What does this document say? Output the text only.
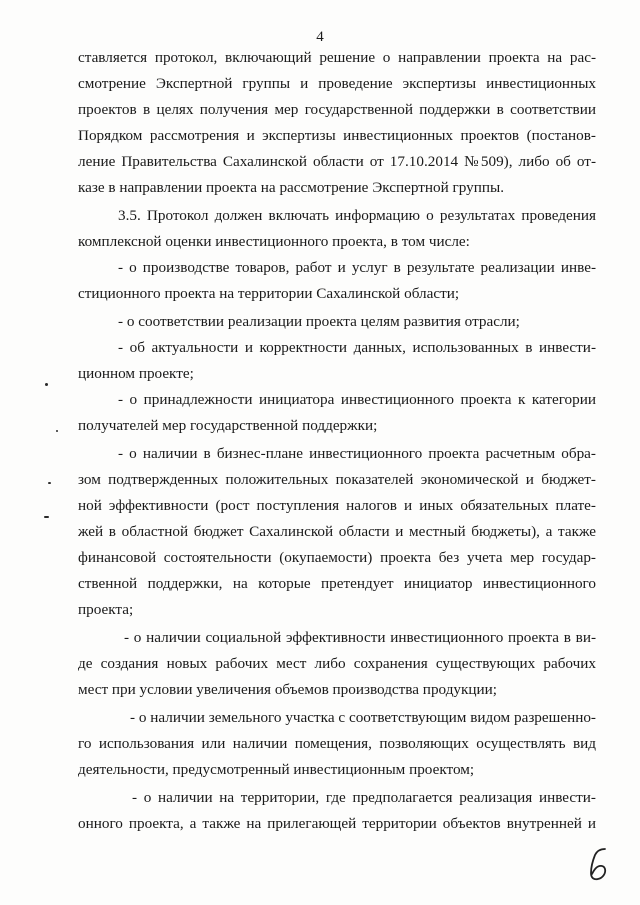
4
ставляется протокол, включающий решение о направлении проекта на рас-
смотрение Экспертной группы и проведение экспертизы инвестиционных
проектов в целях получения мер государственной поддержки в соответствии
Порядком рассмотрения и экспертизы инвестиционных проектов (постанов-
ление Правительства Сахалинской области от 17.10.2014 №509), либо об от-
казе в направлении проекта на рассмотрение Экспертной группы.
3.5. Протокол должен включать информацию о результатах проведения
комплексной оценки инвестиционного проекта, в том числе:
- о производстве товаров, работ и услуг в результате реализации инве-
стиционного проекта на территории Сахалинской области;
- о соответствии реализации проекта целям развития отрасли;
- об актуальности и корректности данных, использованных в инвести-
ционном проекте;
- о принадлежности инициатора инвестиционного проекта к категории
получателей мер государственной поддержки;
- о наличии в бизнес-плане инвестиционного проекта расчетным обра-
зом подтвержденных положительных показателей экономической и бюджет-
ной эффективности (рост поступления налогов и иных обязательных плате-
жей в областной бюджет Сахалинской области и местный бюджеты), а также
финансовой состоятельности (окупаемости) проекта без учета мер государ-
ственной поддержки, на которые претендует инициатор инвестиционного
проекта;
- о наличии социальной эффективности инвестиционного проекта в ви-
де создания новых рабочих мест либо сохранения существующих рабочих
мест при условии увеличения объемов производства продукции;
- о наличии земельного участка с соответствующим видом разрешенно-
го использования или наличии помещения, позволяющих осуществлять вид
деятельности, предусмотренный инвестиционным проектом;
- о наличии на территории, где предполагается реализация инвести-
онного проекта, а также на прилегающей территории объектов внутренней и
